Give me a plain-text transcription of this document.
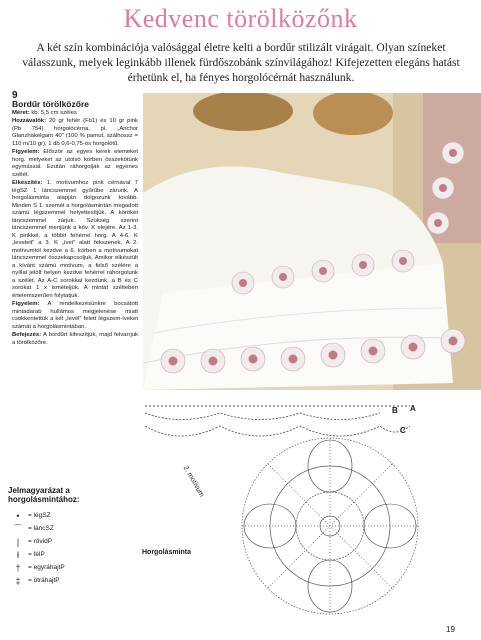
Kedvenc törölközőnk
A két szín kombinációja valósággal életre kelti a bordűr stilizált virágait. Olyan színeket válasszunk, melyek leginkább illenek fürdőszobánk színvilágához! Kifejezetten elegáns hatást érhetünk el, ha fényes horgolócérnát használunk.
9
Bordűr törölközőre

Méret: kb. 5,5 cm széles

Hozzávalók: 20 gr fehér (Fb1) és 10 gr pink (Pb 754) horgolócérna, pl. „Anchor Glanzhäkelgarn 40" (100 % pamut, szálhossz = 110 m/10 gr), 1 db 0,6-0,75-ös horgolótű.

Figyelem: Először az egyes kerek elemeket horg. melyeket az utolsó körben összekötünk egymással. Ezután ráhorgolják az egyenes szélét.

Elkészítés: 1. motívumhoz pink cérnával 7 légSZ 1 láncszemmel gyűrűbe zárunk. A horgolásminta alapján dolgozunk tovább. Minden S 1. szemét a horgolásmintán megadott számú légszemmel helyettesítjük. A köröket láncszemmel zárjuk. Szükség szerint láncszemmel menjünk a köv. K elejére. Az 1-3. K pinkkel, a többit fehérrel horg. A 4-6. K „leveleit" a 3. K „ívei" alatt fekszenek. A 2. motívumtól kezdve a 6. körben a motívumokat láncszemmel összekapcsoljuk. Amikor elkészült a kívánt számú motívum, a felső szélére a nyíllal jelölt helyen kezdve fehérrel ráhorgolunk a szélét. Az A-C sorokkal kezdünk, a B és C sorokat 1 x ismételjük. A mintát szélteben értelemszerűen folytatjuk.

Figyelem: A rendelkezésünkre bocsátott mintadarab hullámos megjelenése miatt csökkentettük a két „levél" felett légszem-íveket számát a horgolásmintában.

Befejezés: A bordűrt kifeszítjük, majd felvarrjuk a törölközőre.

Jelmagyarázat a horgolásmintához:
•	= légSZ
⌒ = láncSZ
|	= rövidP
ł	= félP
†	= egyráhajtP
‡	= ötráhajtP
A
B
C
2. motívum
Horgolásminta
19
